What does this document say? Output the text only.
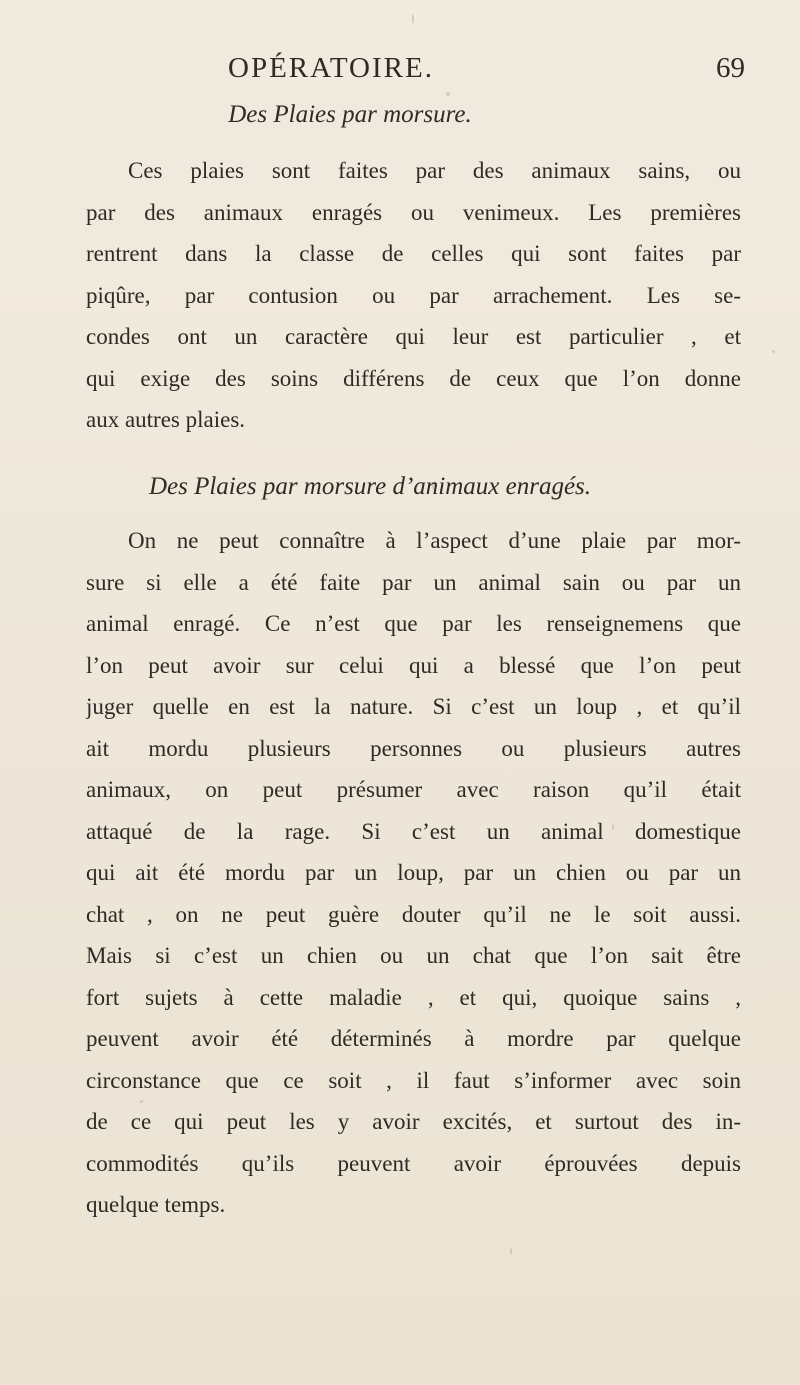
OPÉRATOIRE.	69
Des Plaies par morsure.
Ces plaies sont faites par des animaux sains, ou
par des animaux enragés ou venimeux. Les premières
rentrent dans la classe de celles qui sont faites par
piqûre, par contusion ou par arrachement. Les se-
condes ont un caractère qui leur est particulier , et
qui exige des soins différens de ceux que l’on donne
aux autres plaies.
Des Plaies par morsure d’animaux enragés.
On ne peut connaître à l’aspect d’une plaie par mor-
sure si elle a été faite par un animal sain ou par un
animal enragé. Ce n’est que par les renseignemens que
l’on peut avoir sur celui qui a blessé que l’on peut
juger quelle en est la nature. Si c’est un loup , et qu’il
ait mordu plusieurs personnes ou plusieurs autres
animaux, on peut présumer avec raison qu’il était
attaqué de la rage. Si c’est un animal domestique
qui ait été mordu par un loup, par un chien ou par un
chat , on ne peut guère douter qu’il ne le soit aussi.
Mais si c’est un chien ou un chat que l’on sait être
fort sujets à cette maladie , et qui, quoique sains ,
peuvent avoir été déterminés à mordre par quelque
circonstance que ce soit , il faut s’informer avec soin
de ce qui peut les y avoir excités, et surtout des in-
commodités qu’ils peuvent avoir éprouvées depuis
quelque temps.
